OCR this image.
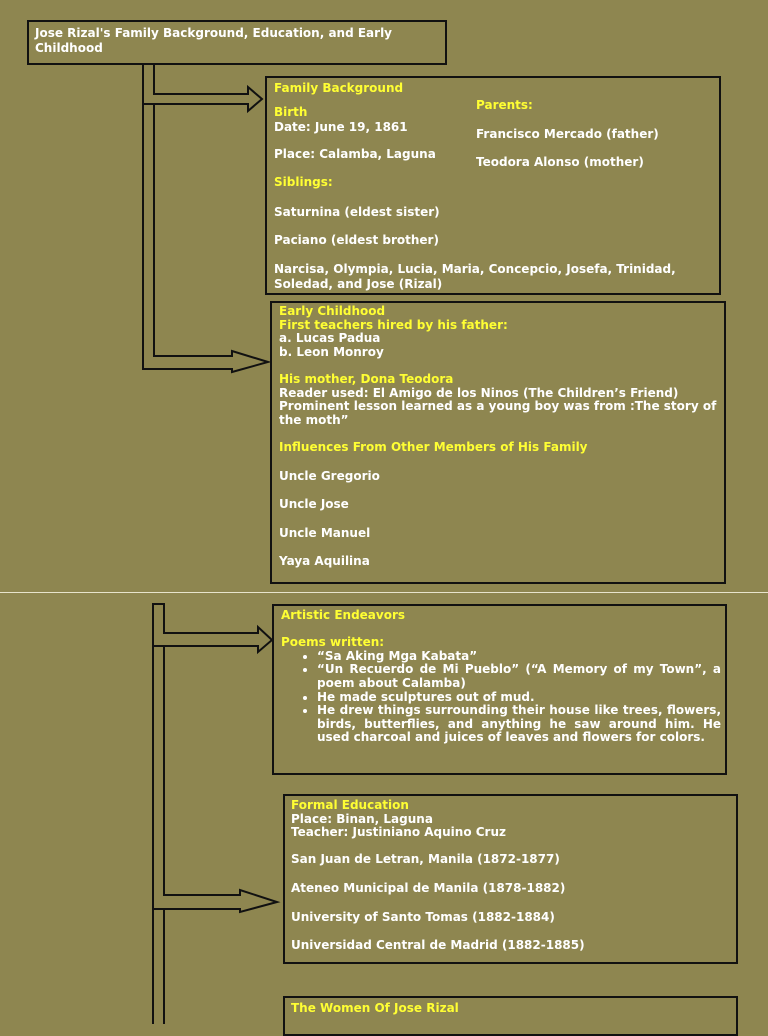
Jose Rizal's Family Background, Education, and Early
Childhood
Family Background
Birth
Date: June 19, 1861
Place: Calamba, Laguna
Siblings:
Saturnina (eldest sister)
Paciano (eldest brother)
Narcisa, Olympia, Lucia, Maria, Concepcio, Josefa, Trinidad,
Soledad, and Jose (Rizal)
Parents:
Francisco Mercado (father)
Teodora Alonso (mother)
Early Childhood
First teachers hired by his father:
a. Lucas Padua
b. Leon Monroy
His mother, Dona Teodora
Reader used: El Amigo de los Ninos (The Children’s Friend)
Prominent lesson learned as a young boy was from :The story of
the moth”
Influences From Other Members of His Family
Uncle Gregorio
Uncle Jose
Uncle Manuel
Yaya Aquilina
Artistic Endeavors
Poems written:
• “Sa Aking Mga Kabata”
• “Un Recuerdo de Mi Pueblo” (“A Memory of my Town”, a poem about Calamba)
• He made sculptures out of mud.
• He drew things surrounding their house like trees, flowers, birds, butterflies, and anything he saw around him. He used charcoal and juices of leaves and flowers for colors.
Formal Education
Place: Binan, Laguna
Teacher: Justiniano Aquino Cruz
San Juan de Letran, Manila (1872-1877)
Ateneo Municipal de Manila (1878-1882)
University of Santo Tomas (1882-1884)
Universidad Central de Madrid (1882-1885)
The Women Of Jose Rizal
